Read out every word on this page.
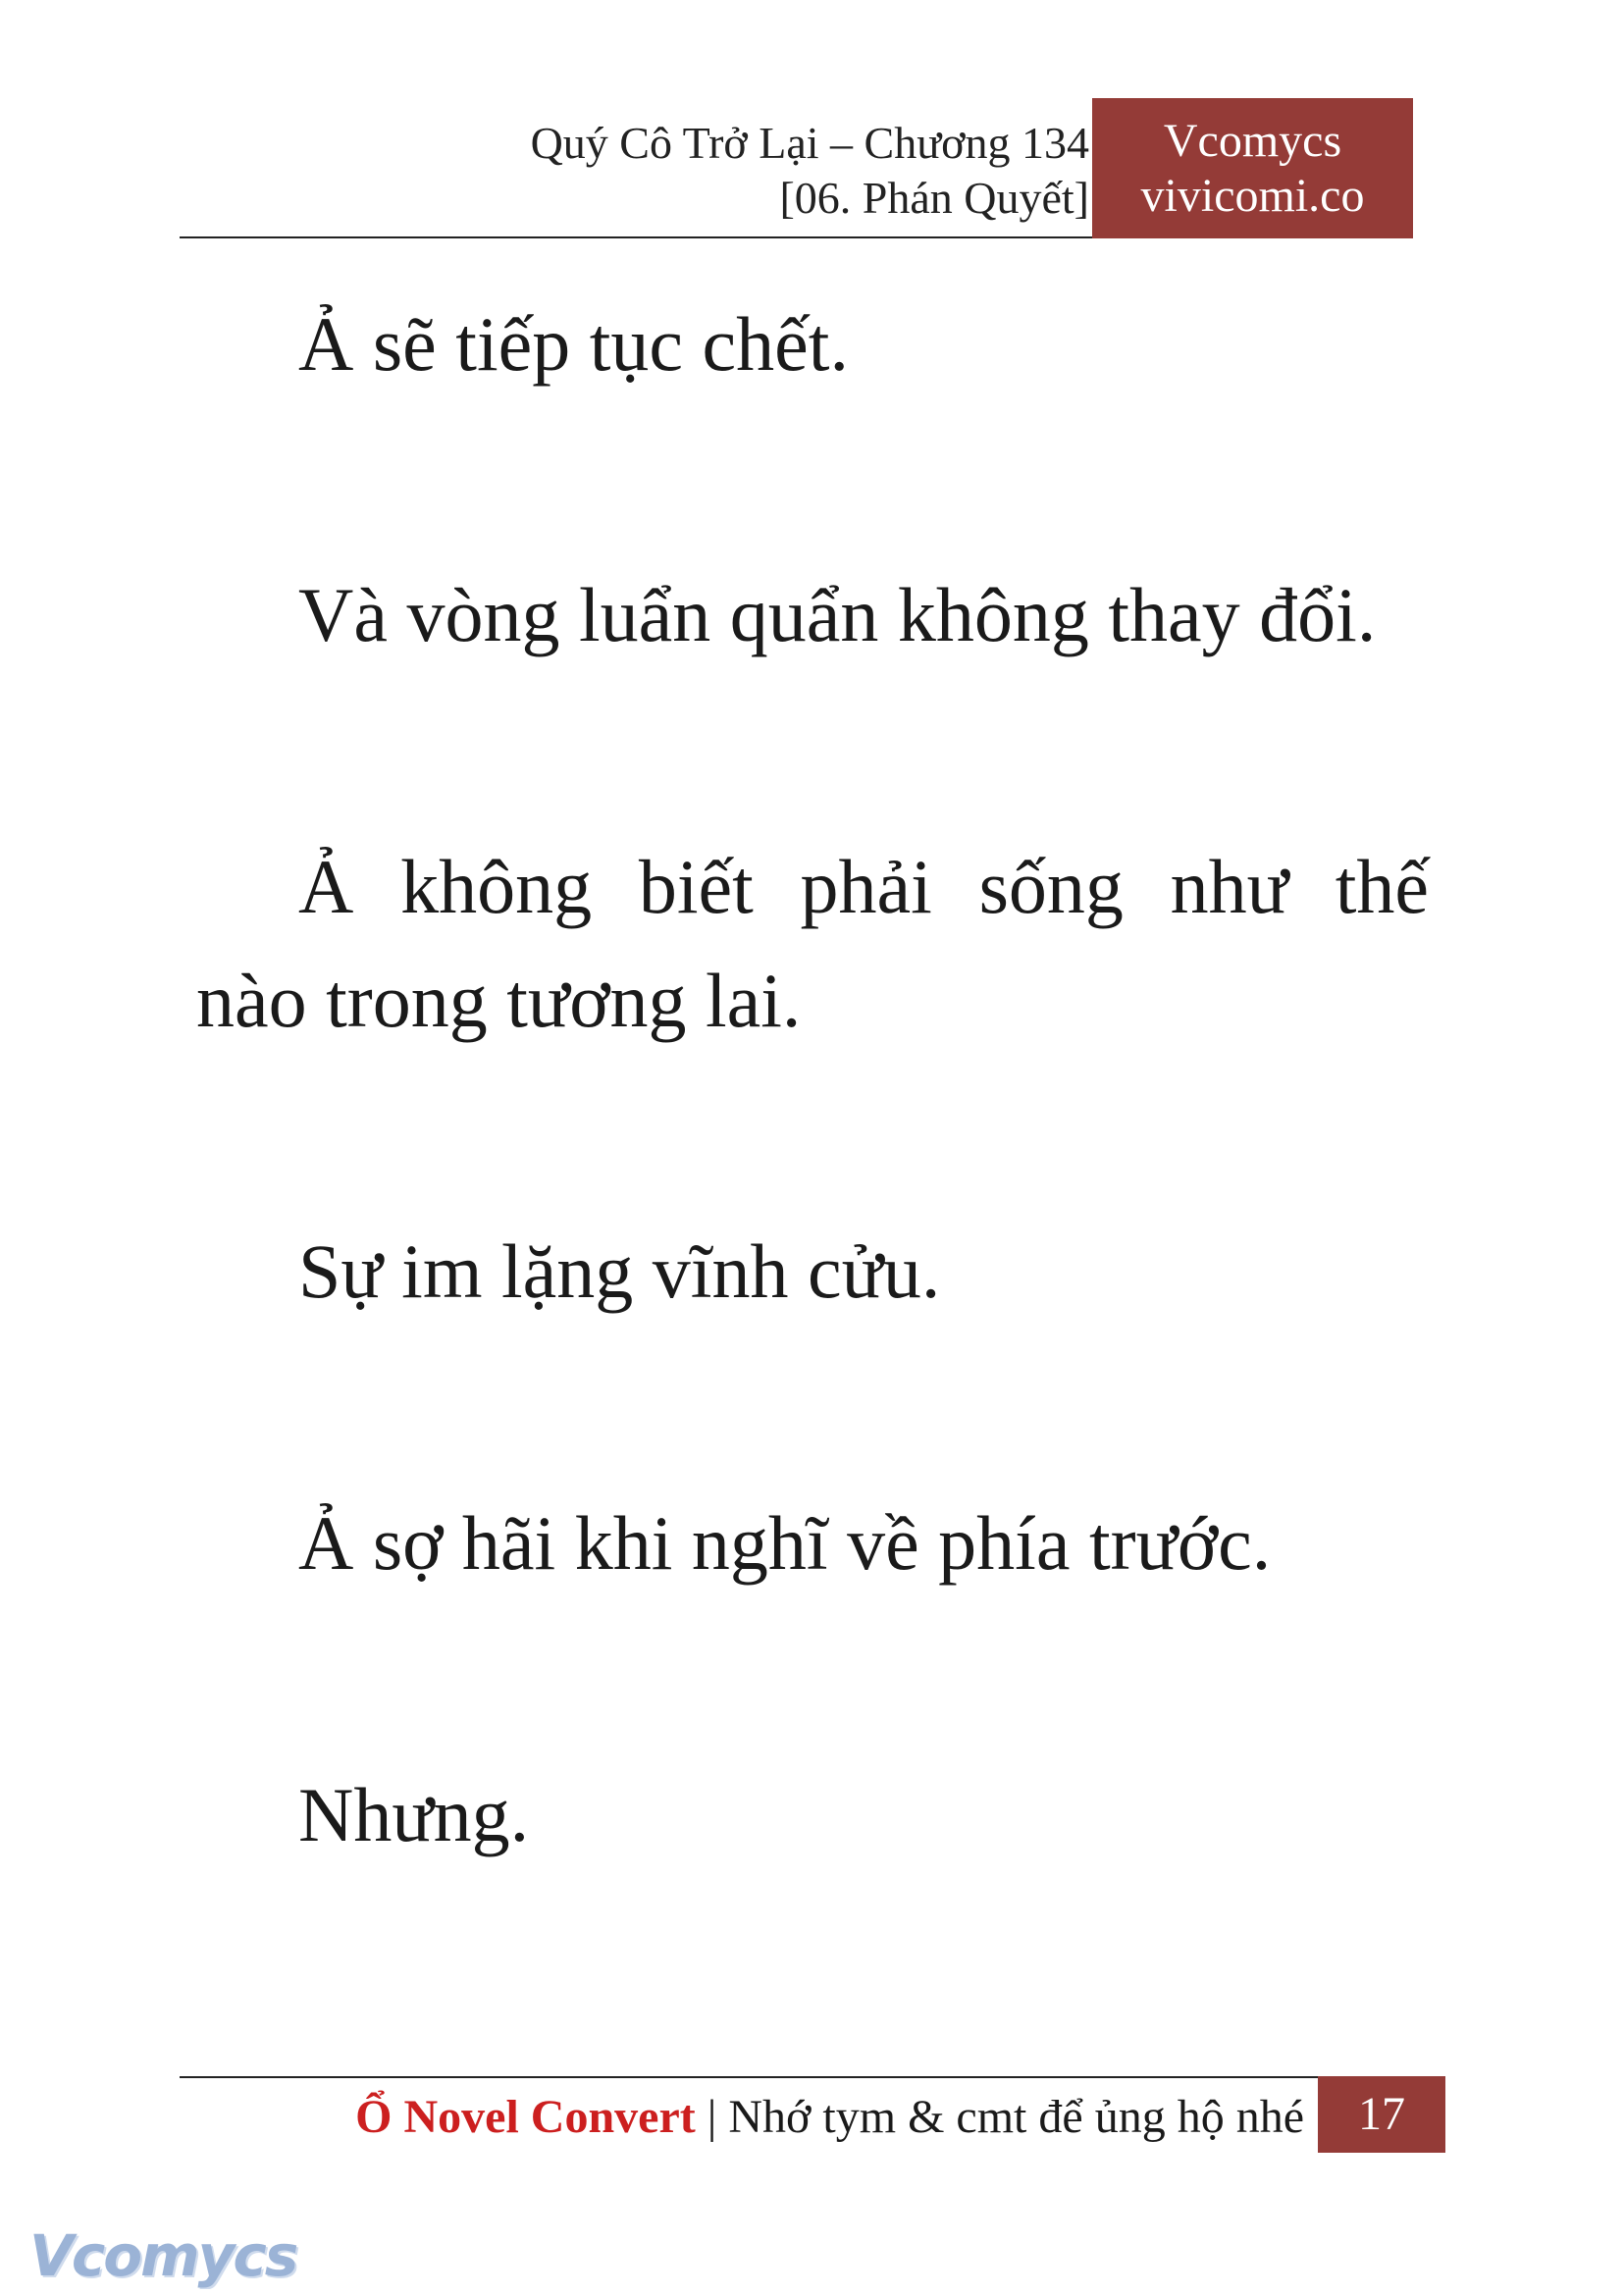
Quý Cô Trở Lại – Chương 134
[06. Phán Quyết]
Vcomycs
vivicomi.co

Ả sẽ tiếp tục chết.

Và vòng luẩn quẩn không thay đổi.

Ả không biết phải sống như thế
nào trong tương lai.

Sự im lặng vĩnh cửu.

Ả sợ hãi khi nghĩ về phía trước.

Nhưng.

Ổ Novel Convert | Nhớ tym & cmt để ủng hộ nhé	17
Vcomycs
